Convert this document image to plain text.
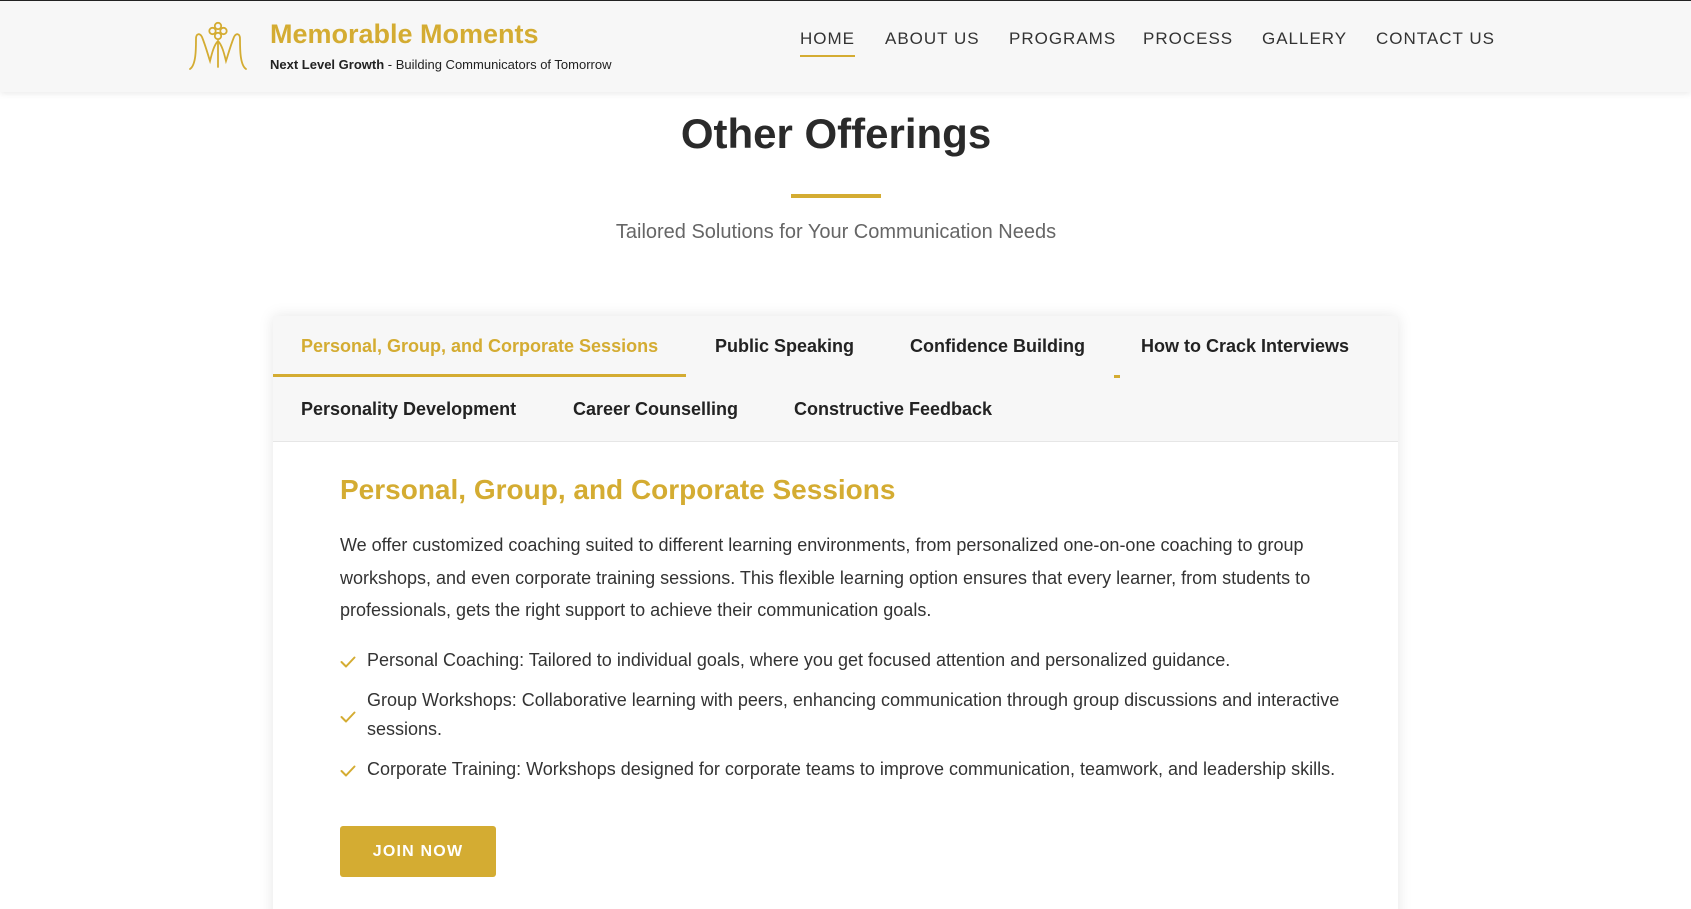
Memorable Moments
Next Level Growth - Building Communicators of Tomorrow
HOME ABOUT US PROGRAMS PROCESS GALLERY CONTACT US
Other Offerings

Tailored Solutions for Your Communication Needs

Personal, Group, and Corporate Sessions	Public Speaking	Confidence Building	How to Crack Interviews
Personality Development	Career Counselling	Constructive Feedback
Personal, Group, and Corporate Sessions

We offer customized coaching suited to different learning environments, from personalized one-on-one coaching to group workshops, and even corporate training sessions. This flexible learning option ensures that every learner, from students to professionals, gets the right support to achieve their communication goals.

Personal Coaching: Tailored to individual goals, where you get focused attention and personalized guidance.
Group Workshops: Collaborative learning with peers, enhancing communication through group discussions and interactive sessions.
Corporate Training: Workshops designed for corporate teams to improve communication, teamwork, and leadership skills.
JOIN NOW
